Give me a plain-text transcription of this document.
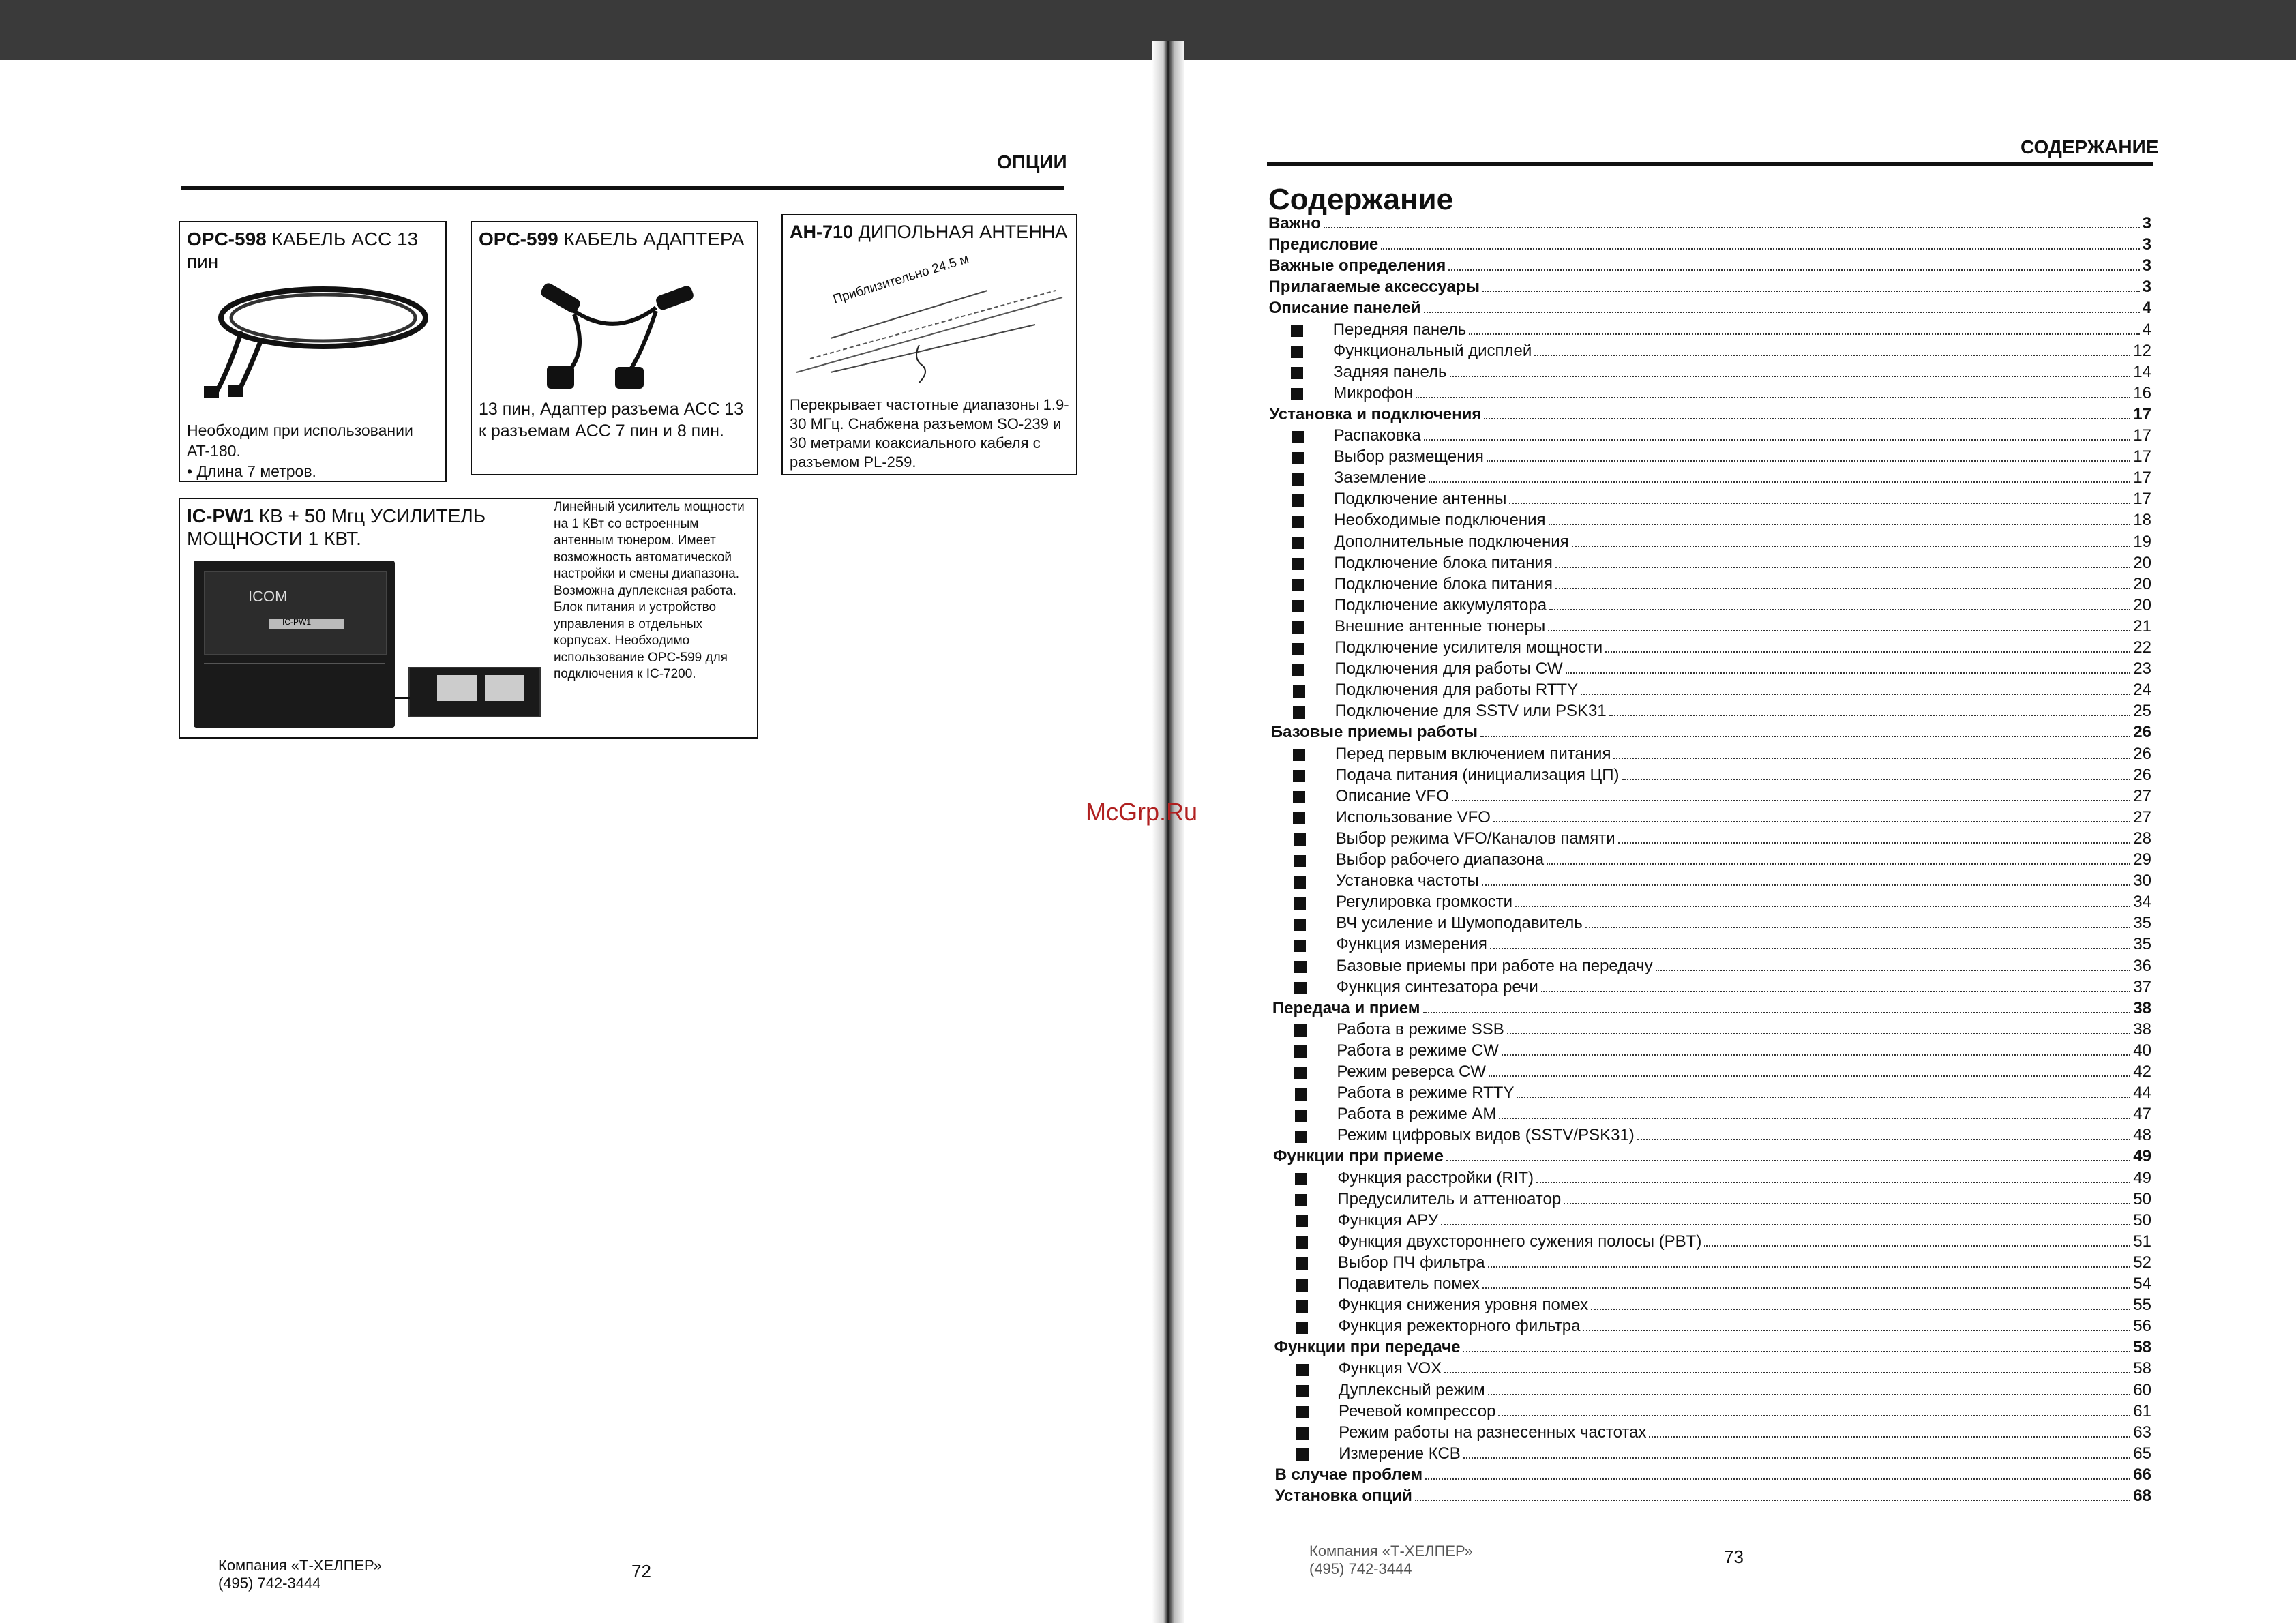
ОПЦИИ
OPC-598 КАБЕЛЬ ACC 13 пин
Необходим при использовании AT-180.
• Длина 7 метров.
OPC-599 КАБЕЛЬ АДАПТЕРА
13 пин, Адаптер разъема ACC 13 к разъемам ACC 7 пин и 8 пин.
AH-710 ДИПОЛЬНАЯ АНТЕННА
Приблизительно 24.5 м
Перекрывает частотные диапазоны 1.9-30 МГц. Снабжена разъемом SO-239 и 30 метрами коаксиального кабеля с разъемом PL-259.
IC-PW1 КВ + 50 Мгц УСИЛИТЕЛЬ МОЩНОСТИ 1 КВТ.
ICOM
IC-PW1
Линейный усилитель мощности на 1 КВт со встроенным антенным тюнером. Имеет возможность автоматической настройки и смены диапазона. Возможна дуплексная работа. Блок питания и устройство управления в отдельных корпусах. Необходимо использование OPC-599 для подключения к IC-7200.
Компания «Т-ХЕЛПЕР»
(495) 742-3444
72
McGrp.Ru
СОДЕРЖАНИЕ
Содержание
Важно	3
Предисловие	3
Важные определения	3
Прилагаемые аксессуары	3
Описание панелей	4
Передняя панель	4
Функциональный дисплей	12
Задняя панель	14
Микрофон	16
Установка и подключения	17
Распаковка	17
Выбор размещения	17
Заземление	17
Подключение антенны	17
Необходимые подключения	18
Дополнительные подключения	19
Подключение блока питания	20
Подключение блока питания	20
Подключение аккумулятора	20
Внешние антенные тюнеры	21
Подключение усилителя мощности	22
Подключения для работы CW	23
Подключения для работы RTTY	24
Подключение для SSTV или PSK31	25
Базовые приемы работы	26
Перед первым включением питания	26
Подача питания (инициализация ЦП)	26
Описание VFO	27
Использование VFO	27
Выбор режима VFO/Каналов памяти	28
Выбор рабочего диапазона	29
Установка частоты	30
Регулировка громкости	34
ВЧ усиление и Шумоподавитель	35
Функция измерения	35
Базовые приемы при работе на передачу	36
Функция синтезатора речи	37
Передача и прием	38
Работа в режиме SSB	38
Работа в режиме CW	40
Режим реверса CW	42
Работа в режиме RTTY	44
Работа в режиме AM	47
Режим цифровых видов (SSTV/PSK31)	48
Функции при приеме	49
Функция расстройки (RIT)	49
Предусилитель и аттенюатор	50
Функция АРУ	50
Функция двухстороннего сужения полосы (PBT)	51
Выбор ПЧ фильтра	52
Подавитель помех	54
Функция снижения уровня помех	55
Функция режекторного фильтра	56
Функции при передаче	58
Функция VOX	58
Дуплексный режим	60
Речевой компрессор	61
Режим работы на разнесенных частотах	63
Измерение КСВ	65
В случае проблем	66
Установка опций	68
Компания «Т-ХЕЛПЕР»
(495) 742-3444
73
